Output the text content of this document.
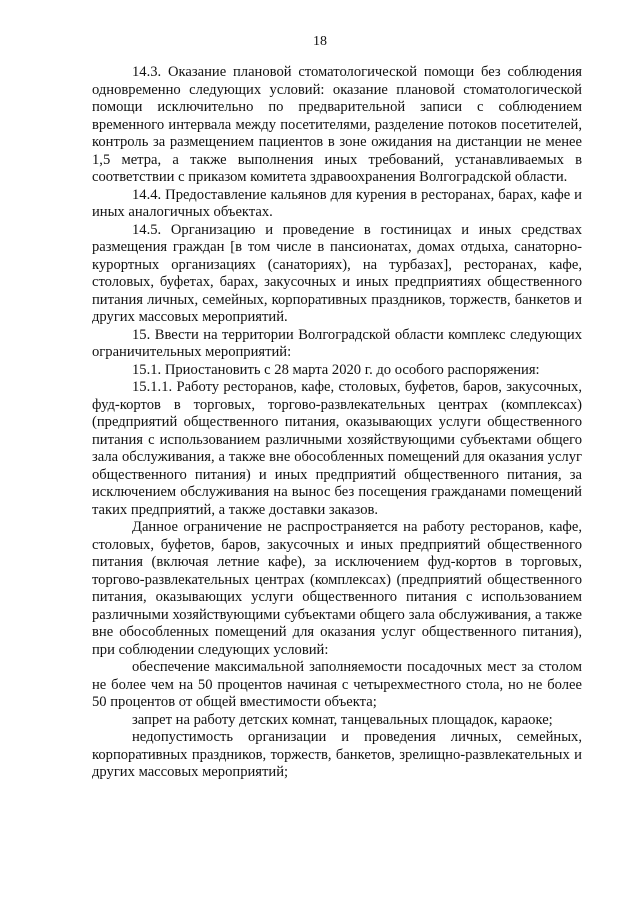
18

14.3. Оказание плановой стоматологической помощи без соблюдения одновременно следующих условий: оказание плановой стоматологической помощи исключительно по предварительной записи с соблюдением временного интервала между посетителями, разделение потоков посетителей, контроль за размещением пациентов в зоне ожидания на дистанции не менее 1,5 метра, а также выполнения иных требований, устанавливаемых в соответствии с приказом комитета здравоохранения Волгоградской области.

14.4. Предоставление кальянов для курения в ресторанах, барах, кафе и иных аналогичных объектах.

14.5. Организацию и проведение в гостиницах и иных средствах размещения граждан [в том числе в пансионатах, домах отдыха, санаторно-курортных организациях (санаториях), на турбазах], ресторанах, кафе, столовых, буфетах, барах, закусочных и иных предприятиях общественного питания личных, семейных, корпоративных праздников, торжеств, банкетов и других массовых мероприятий.

15. Ввести на территории Волгоградской области комплекс следующих ограничительных мероприятий:

15.1. Приостановить с 28 марта 2020 г. до особого распоряжения:

15.1.1. Работу ресторанов, кафе, столовых, буфетов, баров, закусочных, фуд-кортов в торговых, торгово-развлекательных центрах (комплексах) (предприятий общественного питания, оказывающих услуги общественного питания с использованием различными хозяйствующими субъектами общего зала обслуживания, а также вне обособленных помещений для оказания услуг общественного питания) и иных предприятий общественного питания, за исключением обслуживания на вынос без посещения гражданами помещений таких предприятий, а также доставки заказов.

Данное ограничение не распространяется на работу ресторанов, кафе, столовых, буфетов, баров, закусочных и иных предприятий общественного питания (включая летние кафе), за исключением фуд-кортов в торговых, торгово-развлекательных центрах (комплексах) (предприятий общественного питания, оказывающих услуги общественного питания с использованием различными хозяйствующими субъектами общего зала обслуживания, а также вне обособленных помещений для оказания услуг общественного питания), при соблюдении следующих условий:

обеспечение максимальной заполняемости посадочных мест за столом не более чем на 50 процентов начиная с четырехместного стола, но не более 50 процентов от общей вместимости объекта;

запрет на работу детских комнат, танцевальных площадок, караоке;

недопустимость организации и проведения личных, семейных, корпоративных праздников, торжеств, банкетов, зрелищно-развлекательных и других массовых мероприятий;
